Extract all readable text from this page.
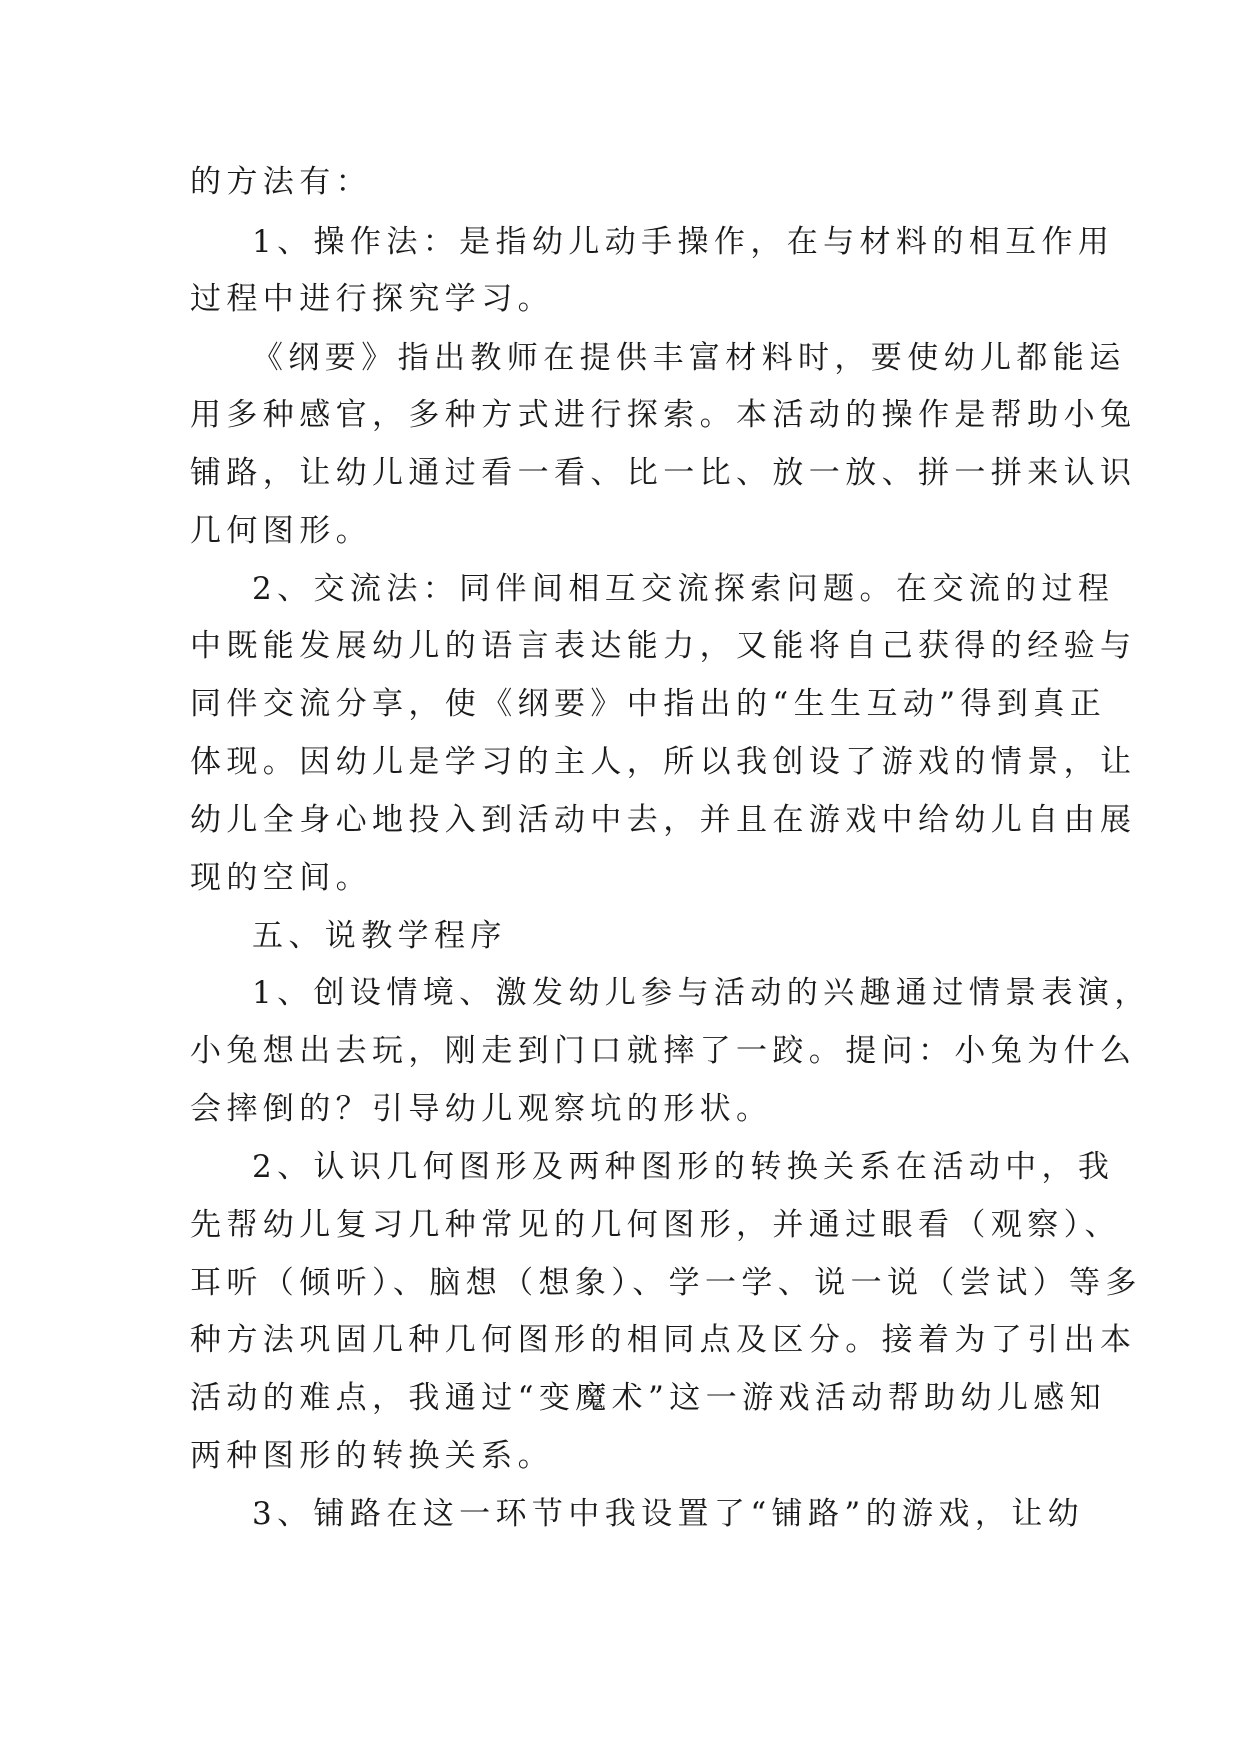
的方法有：
1、操作法：是指幼儿动手操作，在与材料的相互作用
过程中进行探究学习。
《纲要》指出教师在提供丰富材料时，要使幼儿都能运
用多种感官，多种方式进行探索。本活动的操作是帮助小兔
铺路，让幼儿通过看一看、比一比、放一放、拼一拼来认识
几何图形。
2、交流法：同伴间相互交流探索问题。在交流的过程
中既能发展幼儿的语言表达能力，又能将自己获得的经验与
同伴交流分享，使《纲要》中指出的“生生互动”得到真正
体现。因幼儿是学习的主人，所以我创设了游戏的情景，让
幼儿全身心地投入到活动中去，并且在游戏中给幼儿自由展
现的空间。
五、说教学程序
1、创设情境、激发幼儿参与活动的兴趣通过情景表演，
小兔想出去玩，刚走到门口就摔了一跤。提问：小兔为什么
会摔倒的？引导幼儿观察坑的形状。
2、认识几何图形及两种图形的转换关系在活动中，我
先帮幼儿复习几种常见的几何图形，并通过眼看（观察）、
耳听（倾听）、脑想（想象）、学一学、说一说（尝试）等多
种方法巩固几种几何图形的相同点及区分。接着为了引出本
活动的难点，我通过“变魔术”这一游戏活动帮助幼儿感知
两种图形的转换关系。
3、铺路在这一环节中我设置了“铺路”的游戏，让幼
